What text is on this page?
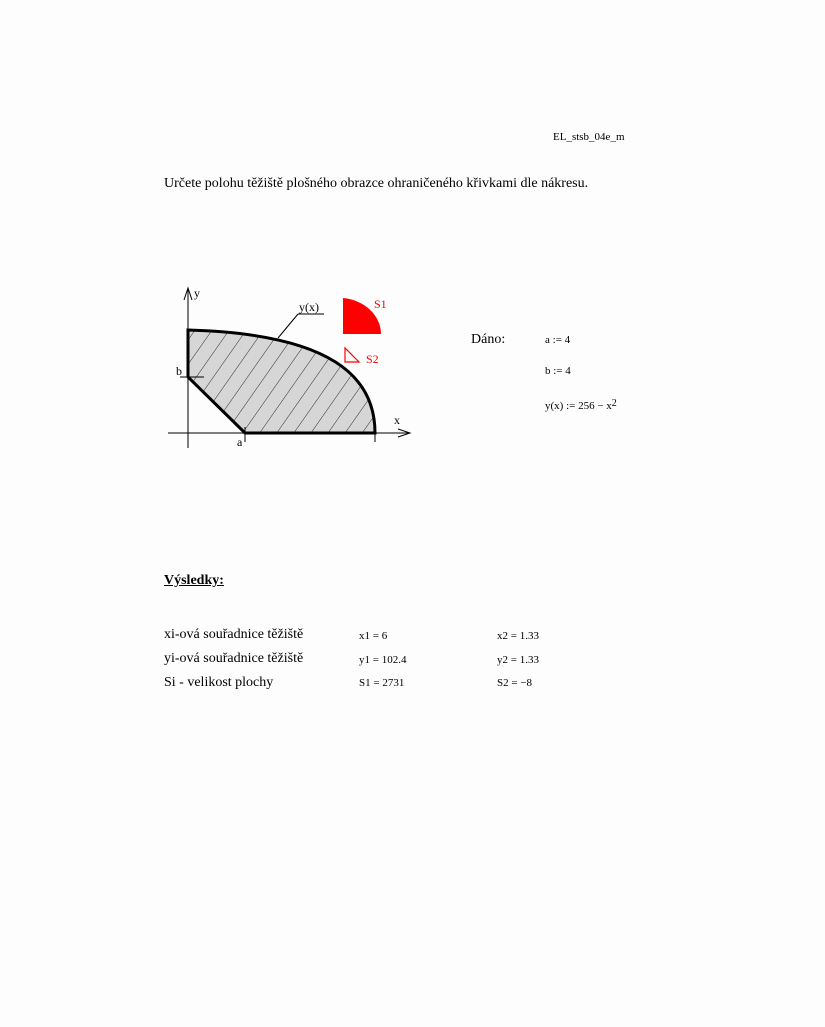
EL_stsb_04e_m
Určete polohu těžiště plošného obrazce ohraničeného křivkami dle nákresu.
y
x
b
a
y(x)	S1
S2
Dáno:	a := 4
b := 4
y(x) := $256 - x^2$
Výsledky:
xi-ová souřadnice těžiště	x1 = 6	x2 = 1.33
yi-ová souřadnice těžiště	y1 = 102.4	y2 = 1.33
Si - velikost plochy	S1 = 2731	S2 = −8
